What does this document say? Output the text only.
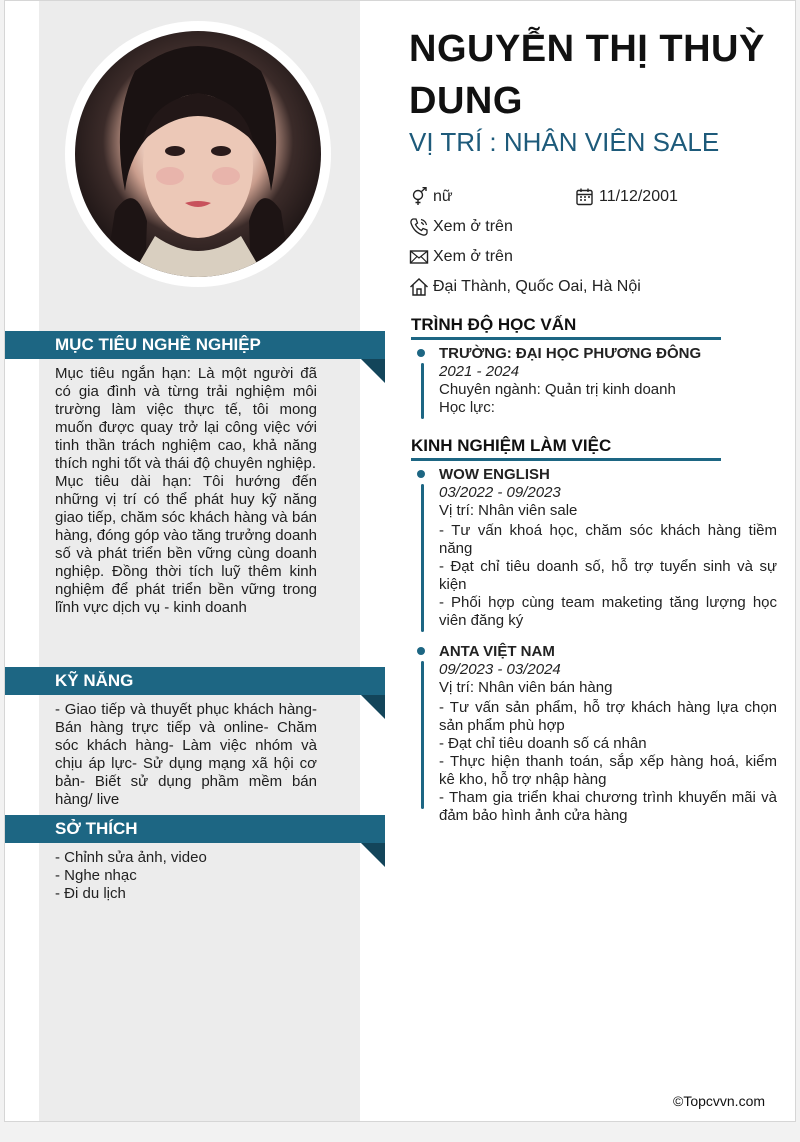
MỤC TIÊU NGHỀ NGHIỆP

Mục tiêu ngắn hạn: Là một người đã có gia đình và từng trải nghiệm môi trường làm việc thực tế, tôi mong muốn được quay trở lại công việc với tinh thần trách nghiệm cao, khả năng thích nghi tốt và thái độ chuyên nghiệp.

Mục tiêu dài hạn: Tôi hướng đến những vị trí có thể phát huy kỹ năng giao tiếp, chăm sóc khách hàng và bán hàng, đóng góp vào tăng trưởng doanh số và phát triển bền vững cùng doanh nghiệp. Đồng thời tích luỹ thêm kinh nghiệm để phát triển bền vững trong lĩnh vực dịch vụ - kinh doanh

KỸ NĂNG
- Giao tiếp và thuyết phục khách hàng- Bán hàng trực tiếp và online- Chăm sóc khách hàng- Làm việc nhóm và chịu áp lực- Sử dụng mạng xã hội cơ bản- Biết sử dụng phầm mềm bán hàng/ live
SỞ THÍCH
- Chỉnh sửa ảnh, video
- Nghe nhạc
- Đi du lịch
NGUYỄN THỊ THUỲ DUNG
VỊ TRÍ : NHÂN VIÊN SALE
nữ	11/12/2001
Xem ở trên
Xem ở trên
Đại Thành, Quốc Oai, Hà Nội
TRÌNH ĐỘ HỌC VẤN
TRƯỜNG: ĐẠI HỌC PHƯƠNG ĐÔNG
2021 - 2024
Chuyên ngành: Quản trị kinh doanh
Học lực:
KINH NGHIỆM LÀM VIỆC
WOW ENGLISH
03/2022 - 09/2023
Vị trí: Nhân viên sale
- Tư vấn khoá học, chăm sóc khách hàng tiềm năng
- Đạt chỉ tiêu doanh số, hỗ trợ tuyển sinh và sự kiện
- Phối hợp cùng team maketing tăng lượng học viên đăng ký
ANTA VIỆT NAM
09/2023 - 03/2024
Vị trí: Nhân viên bán hàng
- Tư vấn sản phẩm, hỗ trợ khách hàng lựa chọn sản phẩm phù hợp
- Đạt chỉ tiêu doanh số cá nhân
- Thực hiện thanh toán, sắp xếp hàng hoá, kiểm kê kho, hỗ trợ nhập hàng
- Tham gia triển khai chương trình khuyến mãi và đảm bảo hình ảnh cửa hàng
©Topcvvn.com
